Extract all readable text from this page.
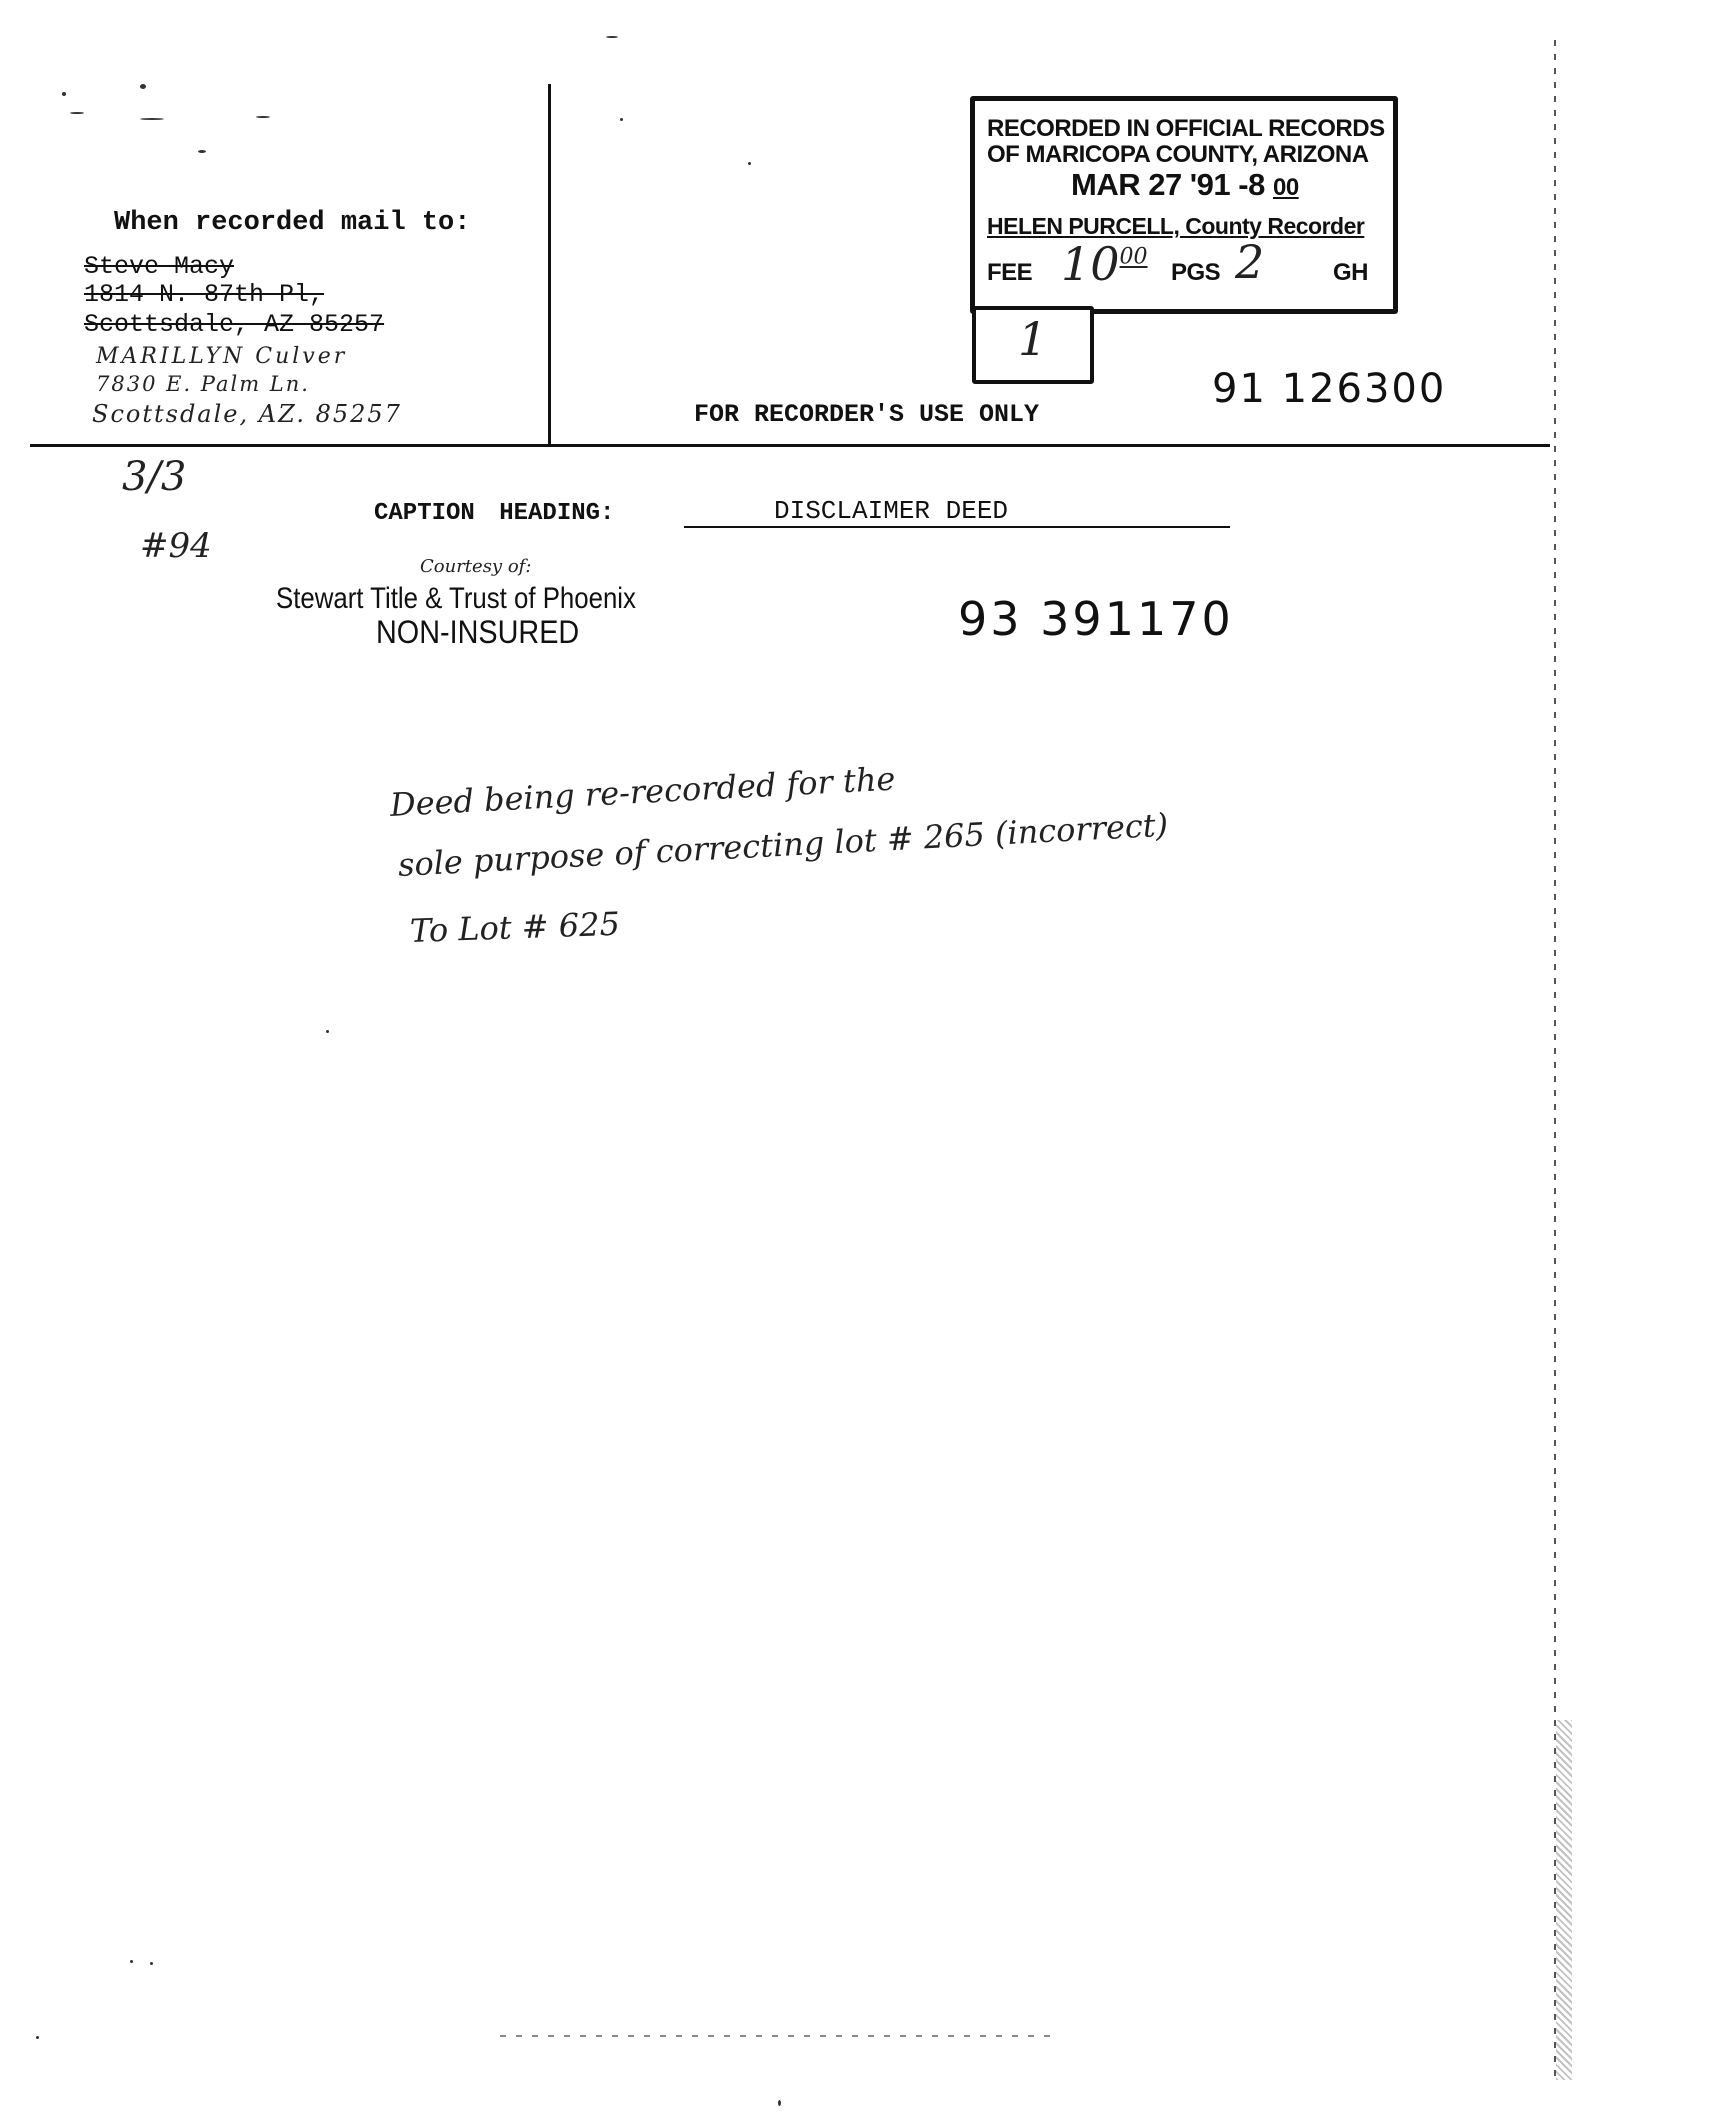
When recorded mail to:
Steve Macy
1814 N. 87th Pl,
Scottsdale, AZ 85257
MARILLYN Culver
7830 E. Palm Ln.
Scottsdale, AZ. 85257
RECORDED IN OFFICIAL RECORDS
OF MARICOPA COUNTY, ARIZONA
MAR 27 '91 -8 00
HELEN PURCELL, County Recorder
FEE $10^{00}$
PGS 2	GH
1
91 126300
FOR RECORDER'S USE ONLY
3/3
#94
CAPTION HEADING:	DISCLAIMER DEED
Courtesy of:
Stewart Title & Trust of Phoenix
NON-INSURED	93 391170
Deed being re-recorded for the
sole purpose of correcting lot # 265 (incorrect)
To Lot # 625
